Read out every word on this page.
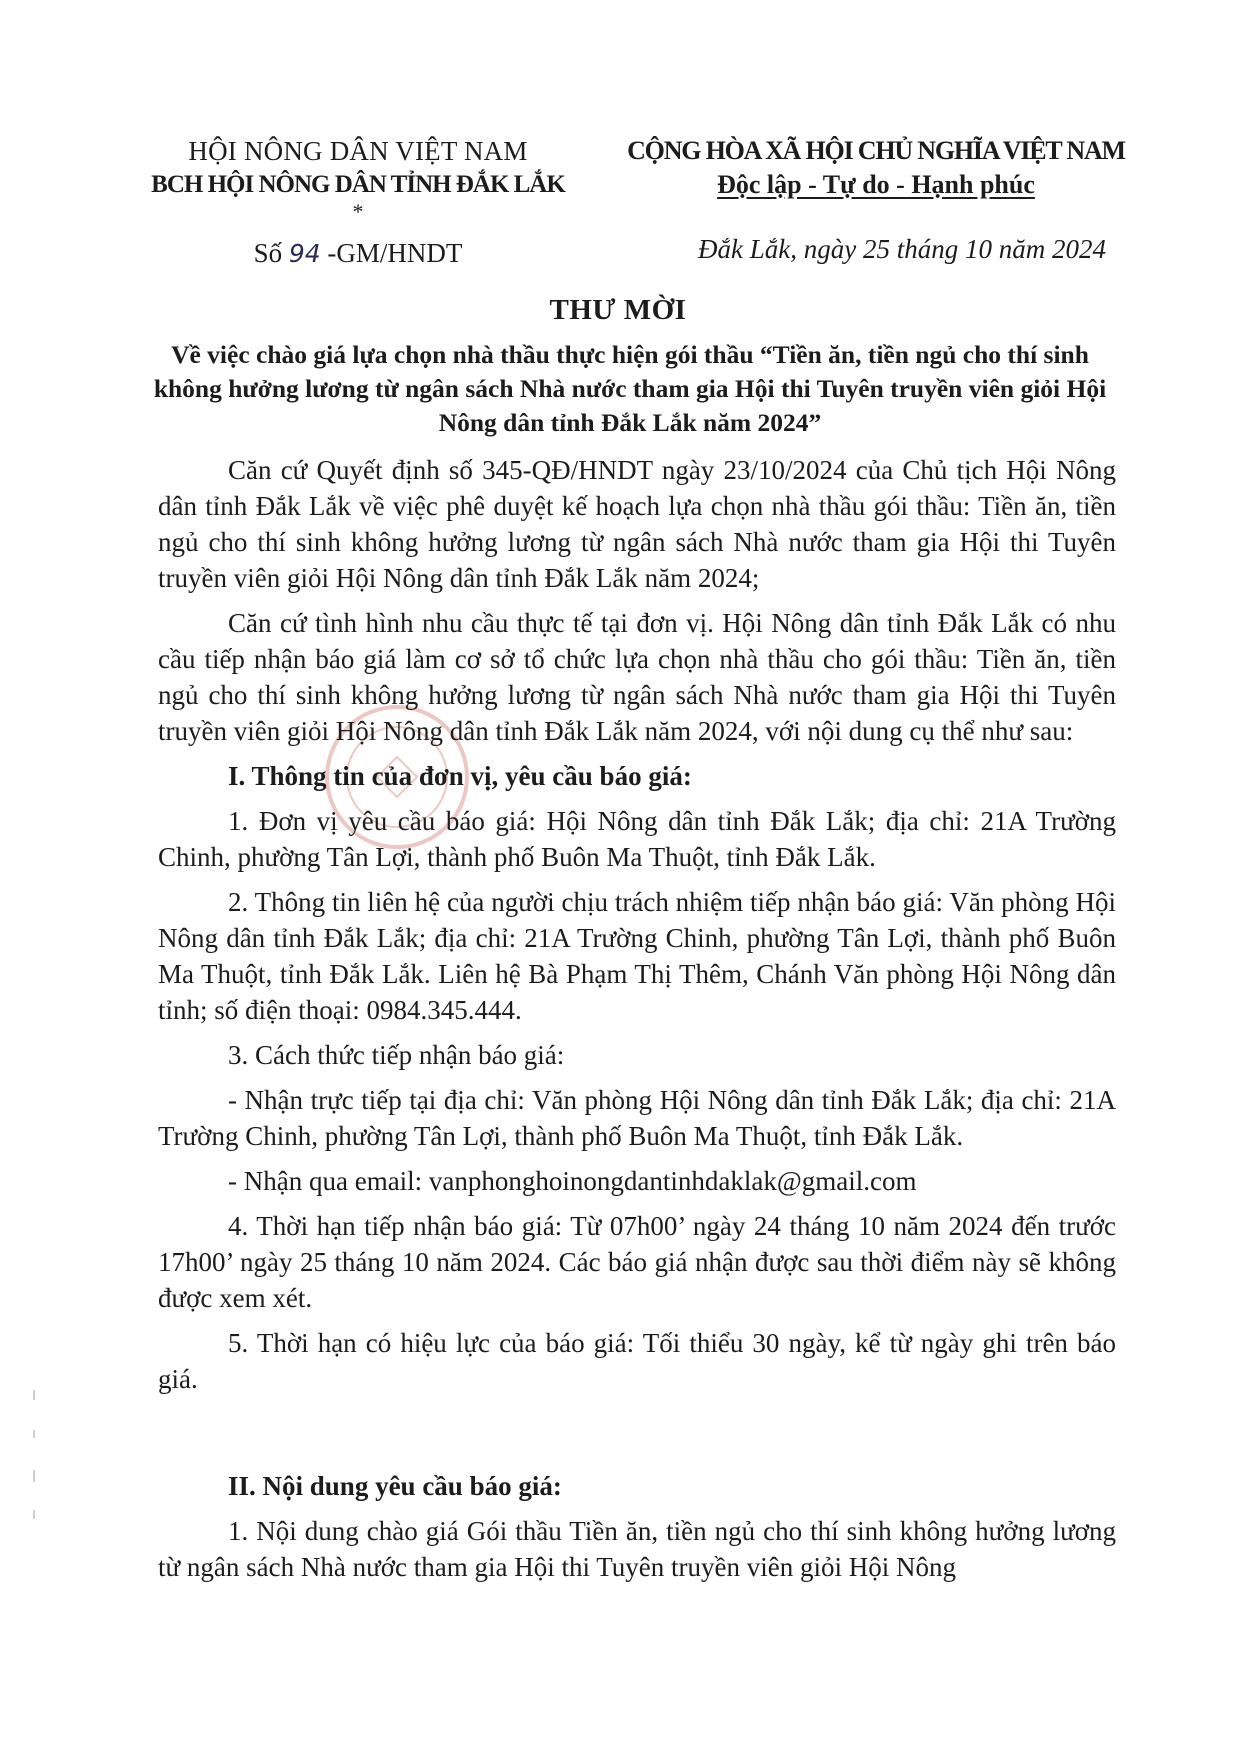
HỘI NÔNG DÂN VIỆT NAM
BCH HỘI NÔNG DÂN TỈNH ĐẮK LẮK
*
Số 94 -GM/HNDT
CỘNG HÒA XÃ HỘI CHỦ NGHĨA VIỆT NAM
Độc lập - Tự do - Hạnh phúc
Đắk Lắk, ngày 25 tháng 10 năm 2024
THƯ MỜI
Về việc chào giá lựa chọn nhà thầu thực hiện gói thầu “Tiền ăn, tiền ngủ cho thí sinh không hưởng lương từ ngân sách Nhà nước tham gia Hội thi Tuyên truyền viên giỏi Hội Nông dân tỉnh Đắk Lắk năm 2024”

Căn cứ Quyết định số 345-QĐ/HNDT ngày 23/10/2024 của Chủ tịch Hội Nông dân tỉnh Đắk Lắk về việc phê duyệt kế hoạch lựa chọn nhà thầu gói thầu: Tiền ăn, tiền ngủ cho thí sinh không hưởng lương từ ngân sách Nhà nước tham gia Hội thi Tuyên truyền viên giỏi Hội Nông dân tỉnh Đắk Lắk năm 2024;

Căn cứ tình hình nhu cầu thực tế tại đơn vị. Hội Nông dân tỉnh Đắk Lắk có nhu cầu tiếp nhận báo giá làm cơ sở tổ chức lựa chọn nhà thầu cho gói thầu: Tiền ăn, tiền ngủ cho thí sinh không hưởng lương từ ngân sách Nhà nước tham gia Hội thi Tuyên truyền viên giỏi Hội Nông dân tỉnh Đắk Lắk năm 2024, với nội dung cụ thể như sau:

I. Thông tin của đơn vị, yêu cầu báo giá:

1. Đơn vị yêu cầu báo giá: Hội Nông dân tỉnh Đắk Lắk; địa chỉ: 21A Trường Chinh, phường Tân Lợi, thành phố Buôn Ma Thuột, tỉnh Đắk Lắk.

2. Thông tin liên hệ của người chịu trách nhiệm tiếp nhận báo giá: Văn phòng Hội Nông dân tỉnh Đắk Lắk; địa chỉ: 21A Trường Chinh, phường Tân Lợi, thành phố Buôn Ma Thuột, tỉnh Đắk Lắk. Liên hệ Bà Phạm Thị Thêm, Chánh Văn phòng Hội Nông dân tỉnh; số điện thoại: 0984.345.444.

3. Cách thức tiếp nhận báo giá:

- Nhận trực tiếp tại địa chỉ: Văn phòng Hội Nông dân tỉnh Đắk Lắk; địa chỉ: 21A Trường Chinh, phường Tân Lợi, thành phố Buôn Ma Thuột, tỉnh Đắk Lắk.

- Nhận qua email: vanphonghoinongdantinhdaklak@gmail.com

4. Thời hạn tiếp nhận báo giá: Từ 07h00’ ngày 24 tháng 10 năm 2024 đến trước 17h00’ ngày 25 tháng 10 năm 2024. Các báo giá nhận được sau thời điểm này sẽ không được xem xét.

5. Thời hạn có hiệu lực của báo giá: Tối thiểu 30 ngày, kể từ ngày ghi trên báo giá.

II. Nội dung yêu cầu báo giá:

1. Nội dung chào giá Gói thầu Tiền ăn, tiền ngủ cho thí sinh không hưởng lương từ ngân sách Nhà nước tham gia Hội thi Tuyên truyền viên giỏi Hội Nông
